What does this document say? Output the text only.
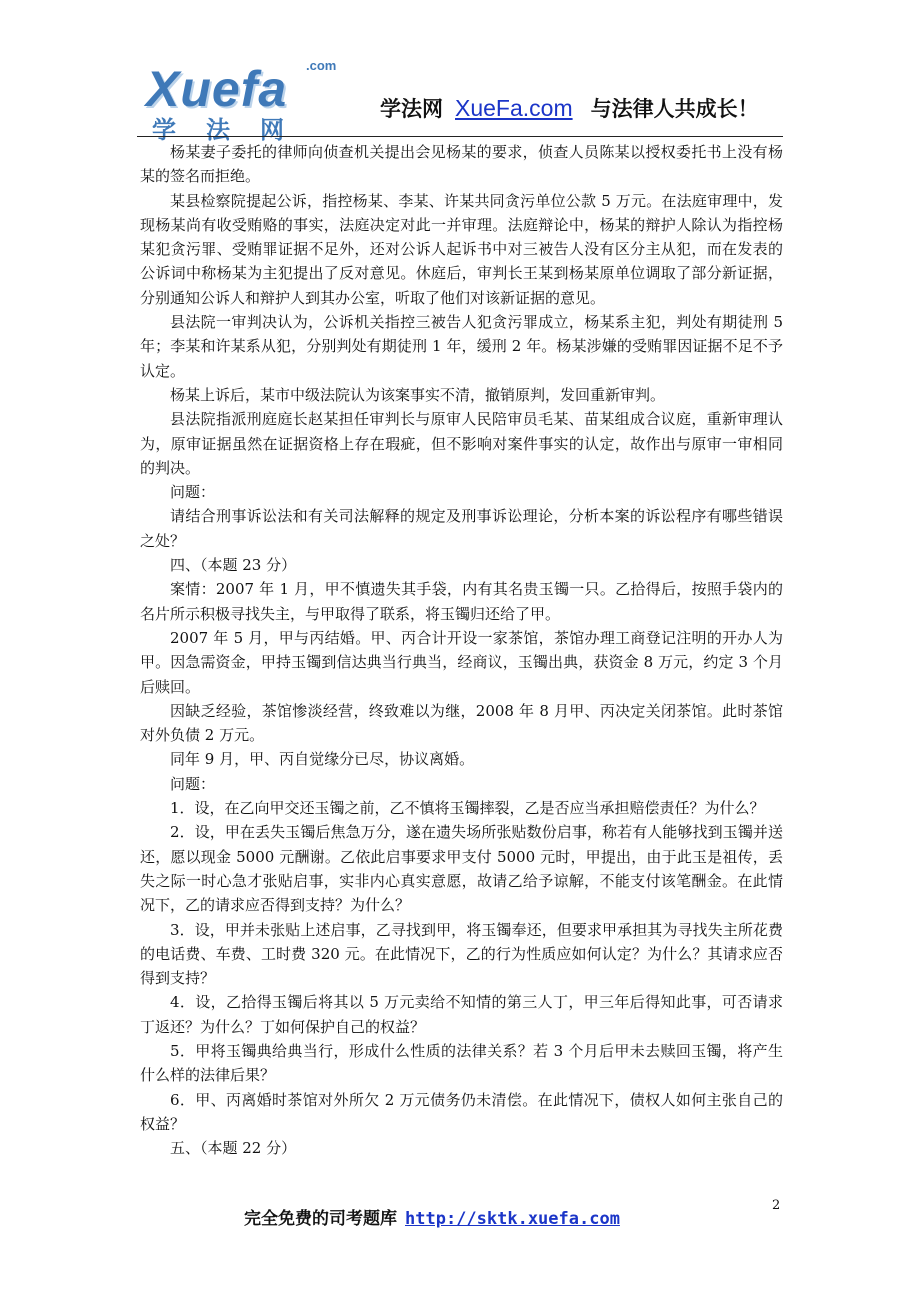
Xuefa .com
学法网
学法网 XueFa.com 与法律人共成长！

杨某妻子委托的律师向侦查机关提出会见杨某的要求，侦查人员陈某以授权委托书上没有杨某的签名而拒绝。

某县检察院提起公诉，指控杨某、李某、许某共同贪污单位公款 5 万元。在法庭审理中，发现杨某尚有收受贿赂的事实，法庭决定对此一并审理。法庭辩论中，杨某的辩护人除认为指控杨某犯贪污罪、受贿罪证据不足外，还对公诉人起诉书中对三被告人没有区分主从犯，而在发表的公诉词中称杨某为主犯提出了反对意见。休庭后，审判长王某到杨某原单位调取了部分新证据，分别通知公诉人和辩护人到其办公室，听取了他们对该新证据的意见。

县法院一审判决认为，公诉机关指控三被告人犯贪污罪成立，杨某系主犯，判处有期徒刑 5 年；李某和许某系从犯，分别判处有期徒刑 1 年，缓刑 2 年。杨某涉嫌的受贿罪因证据不足不予认定。

杨某上诉后，某市中级法院认为该案事实不清，撤销原判，发回重新审判。

县法院指派刑庭庭长赵某担任审判长与原审人民陪审员毛某、苗某组成合议庭，重新审理认为，原审证据虽然在证据资格上存在瑕疵，但不影响对案件事实的认定，故作出与原审一审相同的判决。

问题：

请结合刑事诉讼法和有关司法解释的规定及刑事诉讼理论，分析本案的诉讼程序有哪些错误之处？

四、（本题 23 分）

案情：2007 年 1 月，甲不慎遗失其手袋，内有其名贵玉镯一只。乙拾得后，按照手袋内的名片所示积极寻找失主，与甲取得了联系，将玉镯归还给了甲。

2007 年 5 月，甲与丙结婚。甲、丙合计开设一家茶馆，茶馆办理工商登记注明的开办人为甲。因急需资金，甲持玉镯到信达典当行典当，经商议，玉镯出典，获资金 8 万元，约定 3 个月后赎回。

因缺乏经验，茶馆惨淡经营，终致难以为继，2008 年 8 月甲、丙决定关闭茶馆。此时茶馆对外负债 2 万元。

同年 9 月，甲、丙自觉缘分已尽，协议离婚。

问题：

1．设，在乙向甲交还玉镯之前，乙不慎将玉镯摔裂，乙是否应当承担赔偿责任？为什么？

2．设，甲在丢失玉镯后焦急万分，遂在遗失场所张贴数份启事，称若有人能够找到玉镯并送还，愿以现金 5000 元酬谢。乙依此启事要求甲支付 5000 元时，甲提出，由于此玉是祖传，丢失之际一时心急才张贴启事，实非内心真实意愿，故请乙给予谅解，不能支付该笔酬金。在此情况下，乙的请求应否得到支持？为什么？

3．设，甲并未张贴上述启事，乙寻找到甲，将玉镯奉还，但要求甲承担其为寻找失主所花费的电话费、车费、工时费 320 元。在此情况下，乙的行为性质应如何认定？为什么？其请求应否得到支持？

4．设，乙拾得玉镯后将其以 5 万元卖给不知情的第三人丁，甲三年后得知此事，可否请求丁返还？为什么？丁如何保护自己的权益？

5．甲将玉镯典给典当行，形成什么性质的法律关系？若 3 个月后甲未去赎回玉镯，将产生什么样的法律后果？

6．甲、丙离婚时茶馆对外所欠 2 万元债务仍未清偿。在此情况下，债权人如何主张自己的权益？

五、（本题 22 分）

完全免费的司考题库 http://sktk.xuefa.com
2
